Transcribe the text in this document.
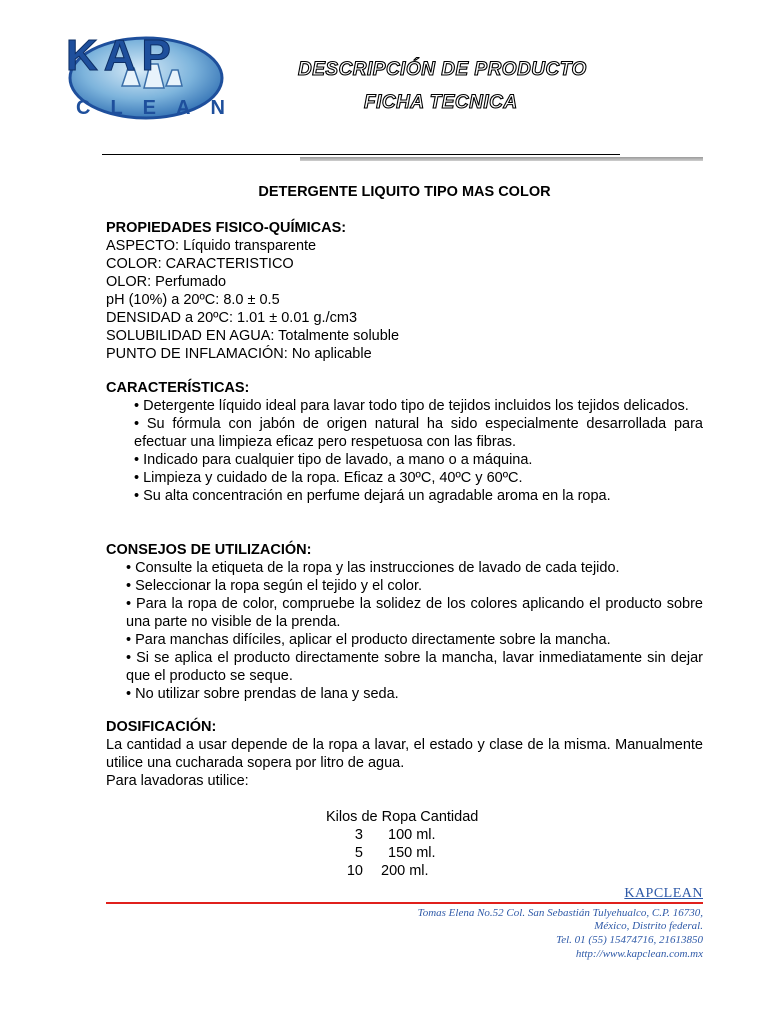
KAP
CLEAN
DESCRIPCIÓN DE PRODUCTO
FICHA TECNICA
DETERGENTE LIQUITO TIPO MAS COLOR
PROPIEDADES FISICO-QUÍMICAS:
ASPECTO: Líquido transparente
COLOR: CARACTERISTICO
OLOR: Perfumado
pH (10%) a 20ºC: 8.0 ± 0.5
DENSIDAD a 20ºC: 1.01 ± 0.01 g./cm3
SOLUBILIDAD EN AGUA: Totalmente soluble
PUNTO DE INFLAMACIÓN: No aplicable
CARACTERÍSTICAS:
• Detergente líquido ideal para lavar todo tipo de tejidos incluidos los tejidos delicados.
• Su fórmula con jabón de origen natural ha sido especialmente desarrollada para efectuar una limpieza eficaz pero respetuosa con las fibras.
• Indicado para cualquier tipo de lavado, a mano o a máquina.
• Limpieza y cuidado de la ropa. Eficaz a 30ºC, 40ºC y 60ºC.
• Su alta concentración en perfume dejará un agradable aroma en la ropa.
CONSEJOS DE UTILIZACIÓN:
• Consulte la etiqueta de la ropa y las instrucciones de lavado de cada tejido.
• Seleccionar la ropa según el tejido y el color.
• Para la ropa de color, compruebe la solidez de los colores aplicando el producto sobre una parte no visible de la prenda.
• Para manchas difíciles, aplicar el producto directamente sobre la mancha.
• Si se aplica el producto directamente sobre la mancha, lavar inmediatamente sin dejar que el producto se seque.
• No utilizar sobre prendas de lana y seda.
DOSIFICACIÓN:
La cantidad a usar depende de la ropa a lavar, el estado y clase de la misma. Manualmente utilice una cucharada sopera por litro de agua.
Para lavadoras utilice:
Kilos de Ropa Cantidad
3 100 ml.
5 150 ml.
10 200 ml.
KAPCLEAN
Tomas Elena No.52 Col. San Sebastián Tulyehualco, C.P. 16730,
México, Distrito federal.
Tel. 01 (55) 15474716, 21613850
http://www.kapclean.com.mx
